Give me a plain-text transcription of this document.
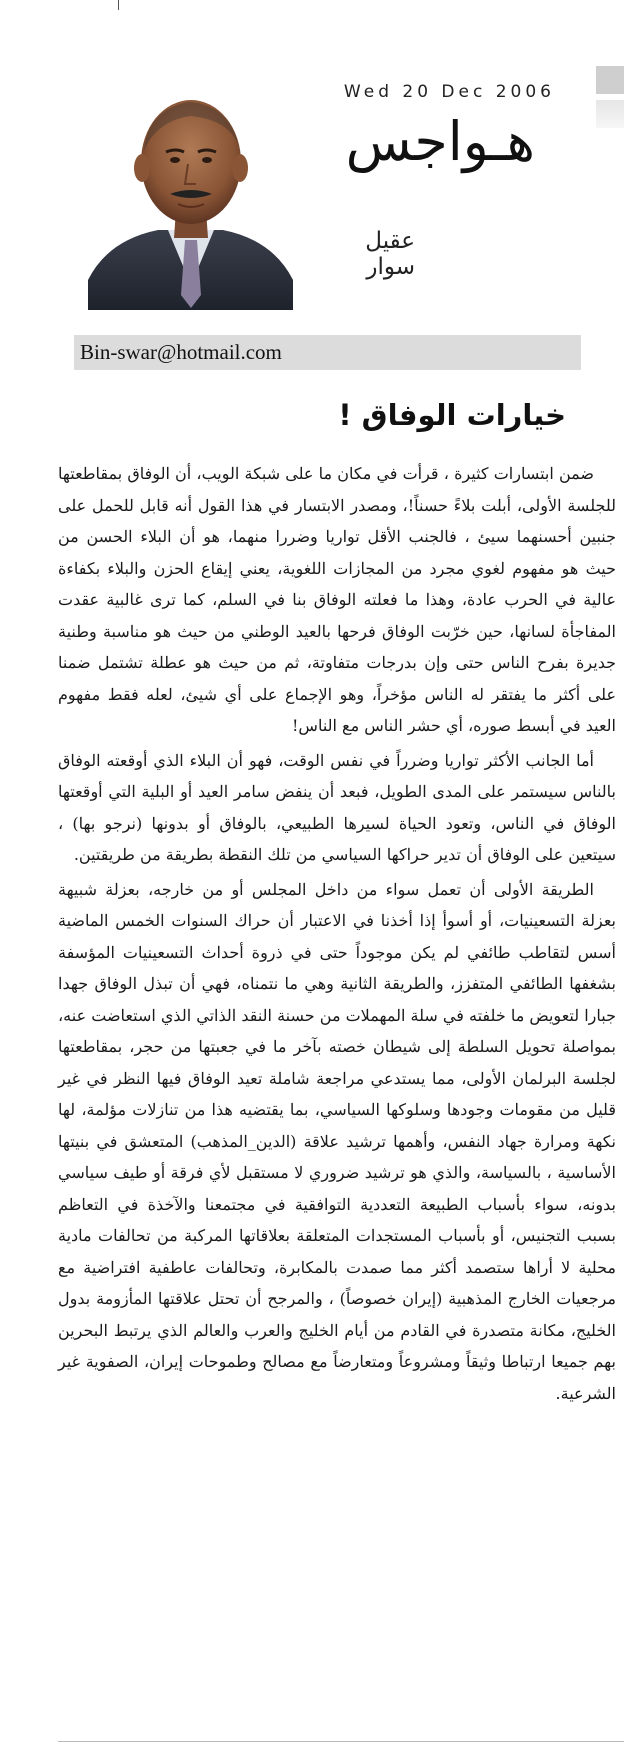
Wed 20 Dec 2006
هـواجس
عقيل سوار
Bin-swar@hotmail.com
خيارات الوفاق !

ضمن ابتسارات كثيرة ، قرأت في مكان ما على شبكة الويب، أن الوفاق بمقاطعتها للجلسة الأولى، أبلت بلاءً حسناً!، ومصدر الابتسار في هذا القول أنه قابل للحمل على جنبين أحسنهما سيئ ، فالجنب الأقل تواريا وضررا منهما، هو أن البلاء الحسن من حيث هو مفهوم لغوي مجرد من المجازات اللغوية، يعني إيقاع الحزن والبلاء بكفاءة عالية في الحرب عادة، وهذا ما فعلته الوفاق بنا في السلم، كما ترى غالبية عقدت المفاجأة لسانها، حين خرّبت الوفاق فرحها بالعيد الوطني من حيث هو مناسبة وطنية جديرة بفرح الناس حتى وإن بدرجات متفاوتة، ثم من حيث هو عطلة تشتمل ضمنا على أكثر ما يفتقر له الناس مؤخراً، وهو الإجماع على أي شيئ، لعله فقط مفهوم العيد في أبسط صوره، أي حشر الناس مع الناس!

أما الجانب الأكثر تواريا وضرراً في نفس الوقت، فهو أن البلاء الذي أوقعته الوفاق بالناس سيستمر على المدى الطويل، فبعد أن ينفض سامر العيد أو البلية التي أوقعتها الوفاق في الناس، وتعود الحياة لسيرها الطبيعي، بالوفاق أو بدونها (نرجو بها) ، سيتعين على الوفاق أن تدير حراكها السياسي من تلك النقطة بطريقة من طريقتين.

الطريقة الأولى أن تعمل سواء من داخل المجلس أو من خارجه، بعزلة شبيهة بعزلة التسعينيات، أو أسوأ إذا أخذنا في الاعتبار أن حراك السنوات الخمس الماضية أسس لتقاطب طائفي لم يكن موجوداً حتى في ذروة أحداث التسعينيات المؤسفة بشغفها الطائفي المتفزز، والطريقة الثانية وهي ما نتمناه، فهي أن تبذل الوفاق جهدا جبارا لتعويض ما خلفته في سلة المهملات من حسنة النقد الذاتي الذي استعاضت عنه، بمواصلة تحويل السلطة إلى شيطان خصته بآخر ما في جعبتها من حجر، بمقاطعتها لجلسة البرلمان الأولى، مما يستدعي مراجعة شاملة تعيد الوفاق فيها النظر في غير قليل من مقومات وجودها وسلوكها السياسي، بما يقتضيه هذا من تنازلات مؤلمة، لها نكهة ومرارة جهاد النفس، وأهمها ترشيد علاقة (الدين_المذهب) المتعشق في بنيتها الأساسية ، بالسياسة، والذي هو ترشيد ضروري لا مستقبل لأي فرقة أو طيف سياسي بدونه، سواء بأسباب الطبيعة التعددية التوافقية في مجتمعنا والآخذة في التعاظم بسبب التجنيس، أو بأسباب المستجدات المتعلقة بعلاقاتها المركبة من تحالفات مادية محلية لا أراها ستصمد أكثر مما صمدت بالمكابرة، وتحالفات عاطفية افتراضية مع مرجعيات الخارج المذهبية (إيران خصوصاً) ، والمرجح أن تحتل علاقتها المأزومة بدول الخليج، مكانة متصدرة في القادم من أيام الخليج والعرب والعالم الذي يرتبط البحرين بهم جميعا ارتباطا وثيقاً ومشروعاً ومتعارضاً مع مصالح وطموحات إيران، الصفوية غير الشرعية.
